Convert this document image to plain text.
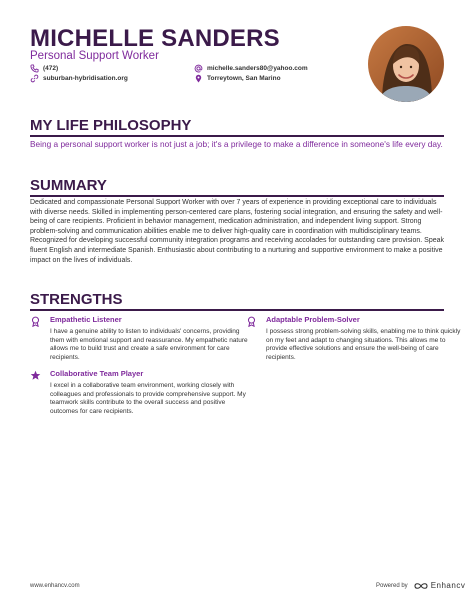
MICHELLE SANDERS
Personal Support Worker
(472)	michelle.sanders80@yahoo.com
suburban-hybridisation.org	Torreytown, San Marino
MY LIFE PHILOSOPHY
Being a personal support worker is not just a job; it's a privilege to make a difference in someone's life every day.
SUMMARY
Dedicated and compassionate Personal Support Worker with over 7 years of experience in providing exceptional care to individuals with diverse needs. Skilled in implementing person-centered care plans, fostering social integration, and ensuring the safety and well-being of care recipients. Proficient in behavior management, medication administration, and independent living support. Strong problem-solving and communication abilities enable me to deliver high-quality care in coordination with multidisciplinary teams. Recognized for developing successful community integration programs and receiving accolades for outstanding care provision. Speak fluent English and intermediate Spanish. Enthusiastic about contributing to a nurturing and supportive environment to make a positive impact on the lives of individuals.
STRENGTHS
Empathetic Listener
I have a genuine ability to listen to individuals' concerns, providing them with emotional support and reassurance. My empathetic nature allows me to build trust and create a safe environment for care recipients.
Adaptable Problem-Solver
I possess strong problem-solving skills, enabling me to think quickly on my feet and adapt to changing situations. This allows me to provide effective solutions and ensure the well-being of care recipients.
Collaborative Team Player
I excel in a collaborative team environment, working closely with colleagues and professionals to provide comprehensive support. My teamwork skills contribute to the overall success and positive outcomes for care recipients.
www.enhancv.com	Powered by	Enhancv
